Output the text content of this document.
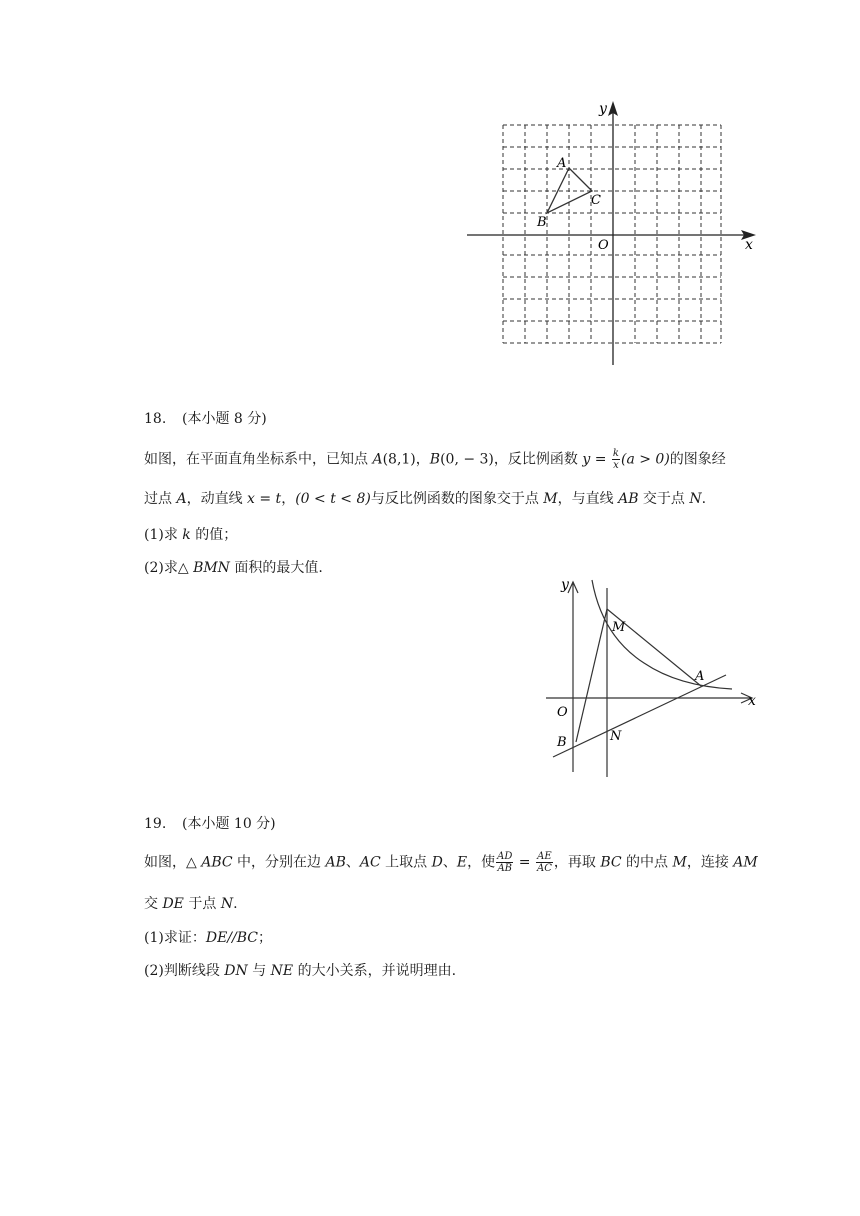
y
x
O
A
B
C
18. (本小题 8 分)
如图，在平面直角坐标系中，已知点 A(8,1)，B(0, − 3)，反比例函数 $y = \frac{k}{x} (a > 0)$的图象经
过点 A，动直线 x = t，(0 < t < 8)与反比例函数的图象交于点 M，与直线 AB 交于点 N.
(1)求 k 的值；
(2)求△ BMN 面积的最大值.
y
x
O
M
A
B	N
19. (本小题 10 分)
如图，△ ABC 中，分别在边 AB、AC 上取点 D、E，使 $\frac{AD}{AB} = \frac{AE}{AC}$ ，再取 BC 的中点 M，连接 AM
交 DE 于点 N.
(1)求证：DE//BC；
(2)判断线段 DN 与 NE 的大小关系，并说明理由.
